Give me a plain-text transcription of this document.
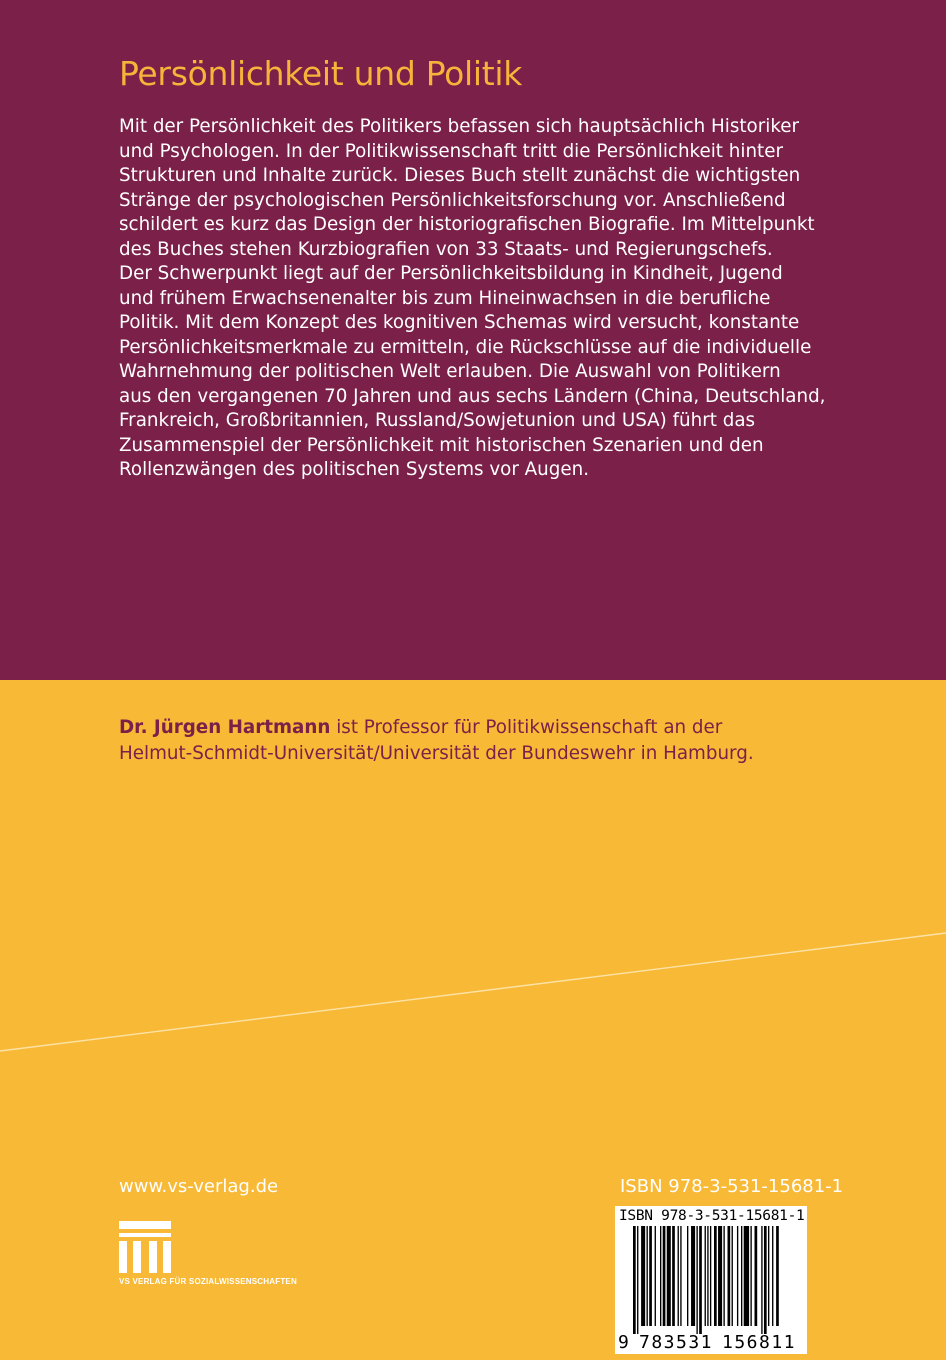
Persönlichkeit und Politik
Mit der Persönlichkeit des Politikers befassen sich hauptsächlich Historiker
und Psychologen. In der Politikwissenschaft tritt die Persönlichkeit hinter
Strukturen und Inhalte zurück. Dieses Buch stellt zunächst die wichtigsten
Stränge der psychologischen Persönlichkeitsforschung vor. Anschließend
schildert es kurz das Design der historiografischen Biografie. Im Mittelpunkt
des Buches stehen Kurzbiografien von 33 Staats- und Regierungschefs.
Der Schwerpunkt liegt auf der Persönlichkeitsbildung in Kindheit, Jugend
und frühem Erwachsenenalter bis zum Hineinwachsen in die berufliche
Politik. Mit dem Konzept des kognitiven Schemas wird versucht, konstante
Persönlichkeitsmerkmale zu ermitteln, die Rückschlüsse auf die individuelle
Wahrnehmung der politischen Welt erlauben. Die Auswahl von Politikern
aus den vergangenen 70 Jahren und aus sechs Ländern (China, Deutschland,
Frankreich, Großbritannien, Russland/Sowjetunion und USA) führt das
Zusammenspiel der Persönlichkeit mit historischen Szenarien und den
Rollenzwängen des politischen Systems vor Augen.
Dr. Jürgen Hartmann ist Professor für Politikwissenschaft an der
Helmut-Schmidt-Universität/Universität der Bundeswehr in Hamburg.
www.vs-verlag.de
VS VERLAG FÜR SOZIALWISSENSCHAFTEN
ISBN 978-3-531-15681-1
ISBN 978-3-531-15681-1
9 783531 156811
